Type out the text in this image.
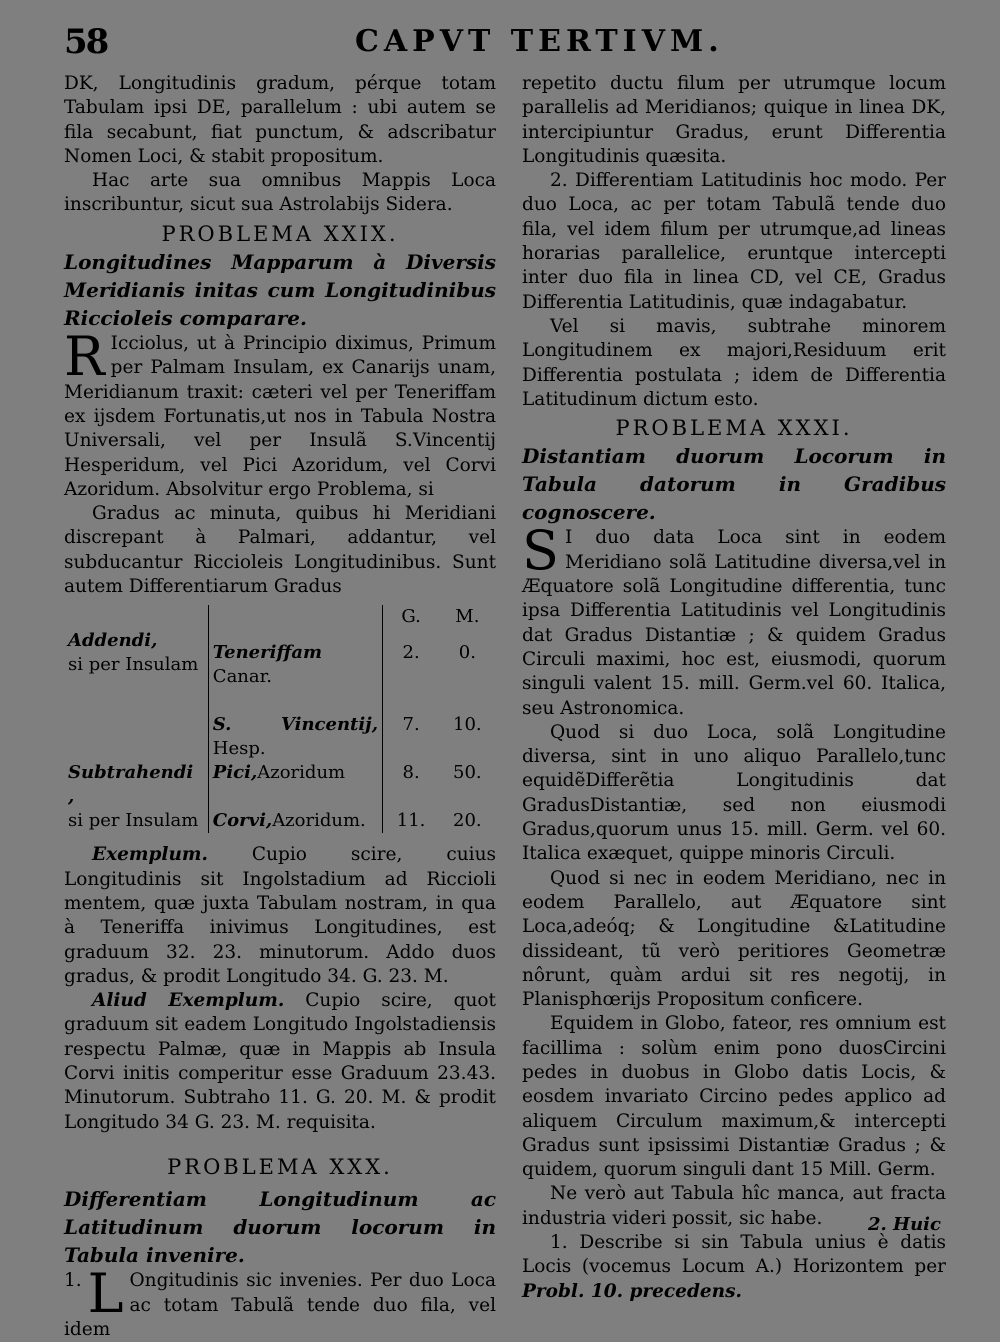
58	CAPVT TERTIVM.

DK, Longitudinis gradum, pérque totam Tabulam ipsi DE, parallelum : ubi autem se fila secabunt, fiat punctum, & adscribatur Nomen Loci, & stabit propositum.

Hac arte sua omnibus Mappis Loca inscribuntur, sicut sua Astrolabijs Sidera.

PROBLEMA XXIX.

Longitudines Mapparum à Diversis Meridianis initas cum Longitudinibus Riccioleis comparare.

R Icciolus, ut à Principio diximus, Primum per Palmam Insulam, ex Canarijs unam, Meridianum traxit: cæteri vel per Teneriffam ex ijsdem Fortunatis,ut nos in Tabula Nostra Universali, vel per Insulã S.Vincentij Hesperidum, vel Pici Azoridum, vel Corvi Azoridum. Absolvitur ergo Problema, si

Gradus ac minuta, quibus hi Meridiani discrepant à Palmari, addantur, vel subducantur Riccioleis Longitudinibus. Sunt autem Differentiarum Gradus

		G.	M.
Addendi,
si per Insulam	Teneriffam Canar.	2.	0.

	S. Vincentij, Hesp.	7.	10.
Subtrahendi ,	Pici,Azoridum	8.	50.
si per Insulam	Corvi,Azoridum.	11.	20.

Exemplum. Cupio scire, cuius Longitudinis sit Ingolstadium ad Riccioli mentem, quæ juxta Tabulam nostram, in qua à Teneriffa inivimus Longitudines, est graduum 32. 23. minutorum. Addo duos gradus, & prodit Longitudo 34. G. 23. M.

Aliud Exemplum. Cupio scire, quot graduum sit eadem Longitudo Ingolstadiensis respectu Palmæ, quæ in Mappis ab Insula Corvi initis comperitur esse Graduum 23.43. Minutorum. Subtraho 11. G. 20. M. & prodit Longitudo 34 G. 23. M. requisita.

PROBLEMA XXX.

Differentiam Longitudinum ac Latitudinum duorum locorum in Tabula invenire.

1. L Ongitudinis sic invenies. Per duo Loca ac totam Tabulã tende duo fila, vel idem

repetito ductu filum per utrumque locum parallelis ad Meridianos; quique in linea DK, intercipiuntur Gradus, erunt Differentia Longitudinis quæsita.

2. Differentiam Latitudinis hoc modo. Per duo Loca, ac per totam Tabulã tende duo fila, vel idem filum per utrumque,ad lineas horarias parallelice, eruntque intercepti inter duo fila in linea CD, vel CE, Gradus Differentia Latitudinis, quæ indagabatur.

Vel si mavis, subtrahe minorem Longitudinem ex majori,Residuum erit Differentia postulata ; idem de Differentia Latitudinum dictum esto.

PROBLEMA XXXI.

Distantiam duorum Locorum in Tabula datorum in Gradibus cognoscere.

S I duo data Loca sint in eodem Meridiano solã Latitudine diversa,vel in Æquatore solã Longitudine differentia, tunc ipsa Differentia Latitudinis vel Longitudinis dat Gradus Distantiæ ; & quidem Gradus Circuli maximi, hoc est, eiusmodi, quorum singuli valent 15. mill. Germ.vel 60. Italica, seu Astronomica.

Quod si duo Loca, solã Longitudine diversa, sint in uno aliquo Parallelo,tunc equidẽDifferẽtia Longitudinis dat GradusDistantiæ, sed non eiusmodi Gradus,quorum unus 15. mill. Germ. vel 60. Italica exæquet, quippe minoris Circuli.

Quod si nec in eodem Meridiano, nec in eodem Parallelo, aut Æquatore sint Loca,adeóq; & Longitudine &Latitudine dissideant, tũ verò peritiores Geometræ nôrunt, quàm ardui sit res negotij, in Planisphœrijs Propositum conficere.

Equidem in Globo, fateor, res omnium est facillima : solùm enim pono duosCircini pedes in duobus in Globo datis Locis, & eosdem invariato Circino pedes applico ad aliquem Circulum maximum,& intercepti Gradus sunt ipsissimi Distantiæ Gradus ; & quidem, quorum singuli dant 15 Mill. Germ.

Ne verò aut Tabula hîc manca, aut fracta industria videri possit, sic habe.

1. Describe si sin Tabula unius è datis Locis (vocemus Locum A.) Horizontem per Probl. 10. precedens.

2. Huic
